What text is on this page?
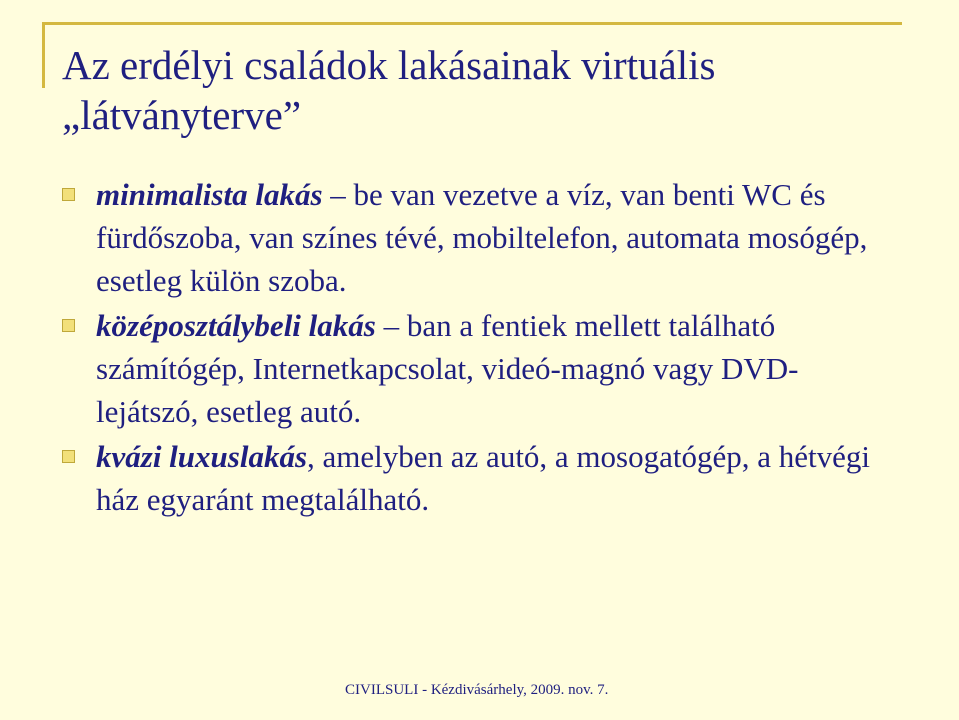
Az erdélyi családok lakásainak virtuális
„látványterve”
minimalista lakás – be van vezetve a víz, van benti WC és fürdőszoba, van színes tévé, mobiltelefon, automata mosógép, esetleg külön szoba.
középosztálybeli lakás – ban a fentiek mellett található számítógép, Internetkapcsolat, videó-magnó vagy DVD-lejátszó, esetleg autó.
kvázi luxuslakás, amelyben az autó, a mosogatógép, a hétvégi ház egyaránt megtalálható.
CIVILSULI - Kézdivásárhely, 2009. nov. 7.
